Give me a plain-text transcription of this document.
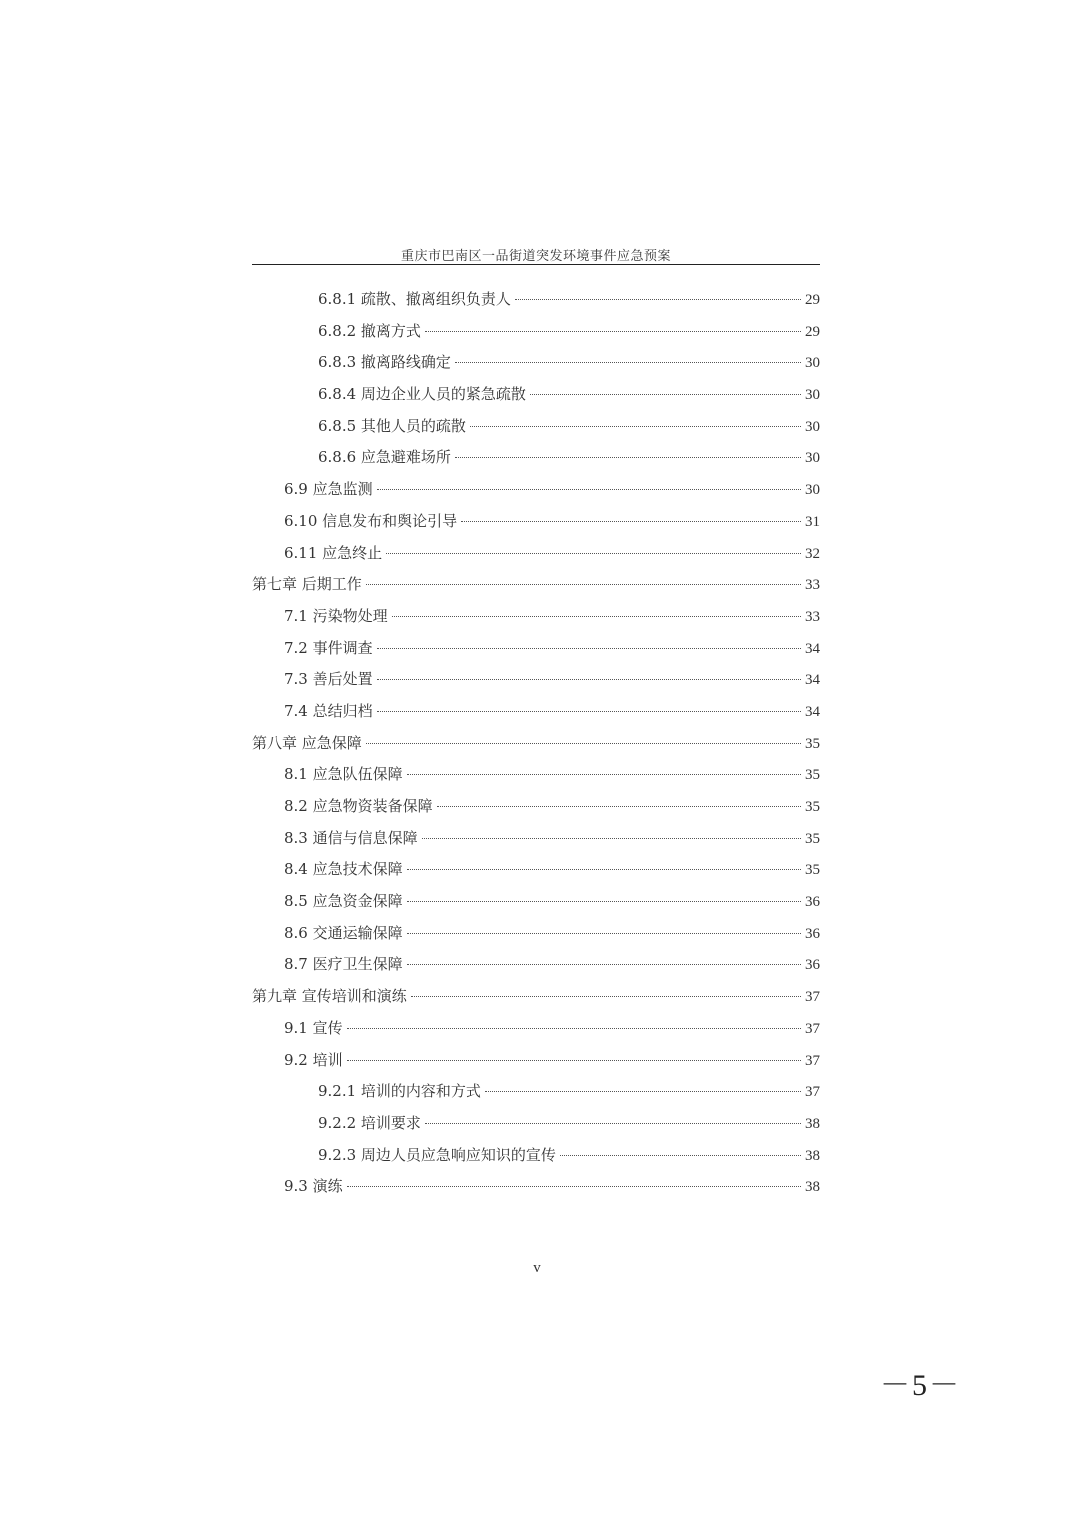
重庆市巴南区一品街道突发环境事件应急预案
6.8.1 疏散、撤离组织负责人	29
6.8.2 撤离方式	29
6.8.3 撤离路线确定	30
6.8.4 周边企业人员的紧急疏散	30
6.8.5 其他人员的疏散	30
6.8.6 应急避难场所	30
6.9 应急监测	30
6.10 信息发布和舆论引导	31
6.11 应急终止	32
第七章 后期工作	33
7.1 污染物处理	33
7.2 事件调查	34
7.3 善后处置	34
7.4 总结归档	34
第八章 应急保障	35
8.1 应急队伍保障	35
8.2 应急物资装备保障	35
8.3 通信与信息保障	35
8.4 应急技术保障	35
8.5 应急资金保障	36
8.6 交通运输保障	36
8.7 医疗卫生保障	36
第九章 宣传培训和演练	37
9.1 宣传	37
9.2 培训	37
9.2.1 培训的内容和方式	37
9.2.2 培训要求	38
9.2.3 周边人员应急响应知识的宣传	38
9.3 演练	38
v
－5－
